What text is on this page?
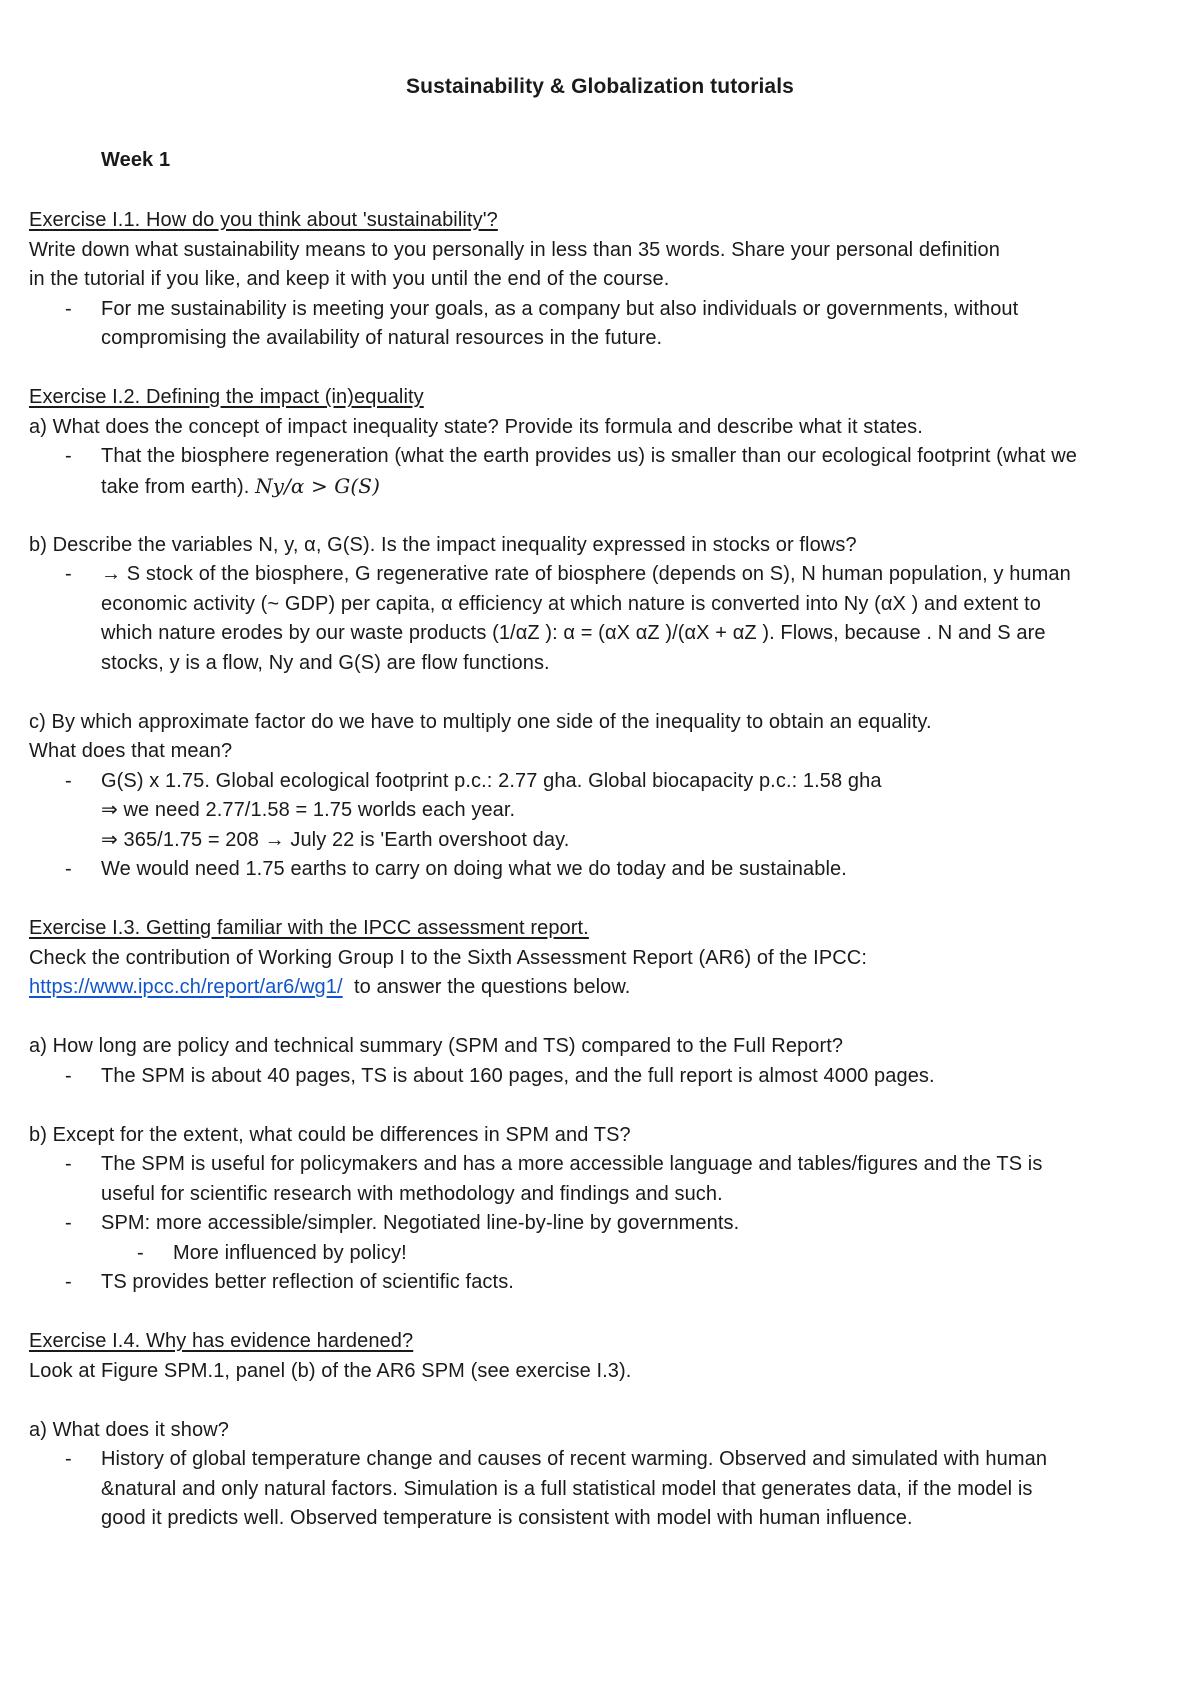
Sustainability & Globalization tutorials
Week 1
Exercise I.1. How do you think about 'sustainability'?
Write down what sustainability means to you personally in less than 35 words. Share your personal definition
in the tutorial if you like, and keep it with you until the end of the course.
- For me sustainability is meeting your goals, as a company but also individuals or governments, without
compromising the availability of natural resources in the future.
Exercise I.2. Defining the impact (in)equality
a) What does the concept of impact inequality state? Provide its formula and describe what it states.
- That the biosphere regeneration (what the earth provides us) is smaller than our ecological footprint (what we
take from earth). Ny/α > G(S)
b) Describe the variables N, y, α, G(S). Is the impact inequality expressed in stocks or flows?
- → S stock of the biosphere, G regenerative rate of biosphere (depends on S), N human population, y human
economic activity (~ GDP) per capita, α efficiency at which nature is converted into Ny (αX ) and extent to
which nature erodes by our waste products (1/αZ ): α = (αX αZ )/(αX + αZ ). Flows, because . N and S are
stocks, y is a flow, Ny and G(S) are flow functions.
c) By which approximate factor do we have to multiply one side of the inequality to obtain an equality.
What does that mean?
- G(S) x 1.75. Global ecological footprint p.c.: 2.77 gha. Global biocapacity p.c.: 1.58 gha
⇒ we need 2.77/1.58 = 1.75 worlds each year.
⇒ 365/1.75 = 208 → July 22 is 'Earth overshoot day.
- We would need 1.75 earths to carry on doing what we do today and be sustainable.
Exercise I.3. Getting familiar with the IPCC assessment report.
Check the contribution of Working Group I to the Sixth Assessment Report (AR6) of the IPCC:
https://www.ipcc.ch/report/ar6/wg1/  to answer the questions below.
a) How long are policy and technical summary (SPM and TS) compared to the Full Report?
- The SPM is about 40 pages, TS is about 160 pages, and the full report is almost 4000 pages.
b) Except for the extent, what could be differences in SPM and TS?
- The SPM is useful for policymakers and has a more accessible language and tables/figures and the TS is
useful for scientific research with methodology and findings and such.
- SPM: more accessible/simpler. Negotiated line-by-line by governments.
- More influenced by policy!
- TS provides better reflection of scientific facts.
Exercise I.4. Why has evidence hardened?
Look at Figure SPM.1, panel (b) of the AR6 SPM (see exercise I.3).
a) What does it show?
- History of global temperature change and causes of recent warming. Observed and simulated with human
&natural and only natural factors. Simulation is a full statistical model that generates data, if the model is
good it predicts well. Observed temperature is consistent with model with human influence.
